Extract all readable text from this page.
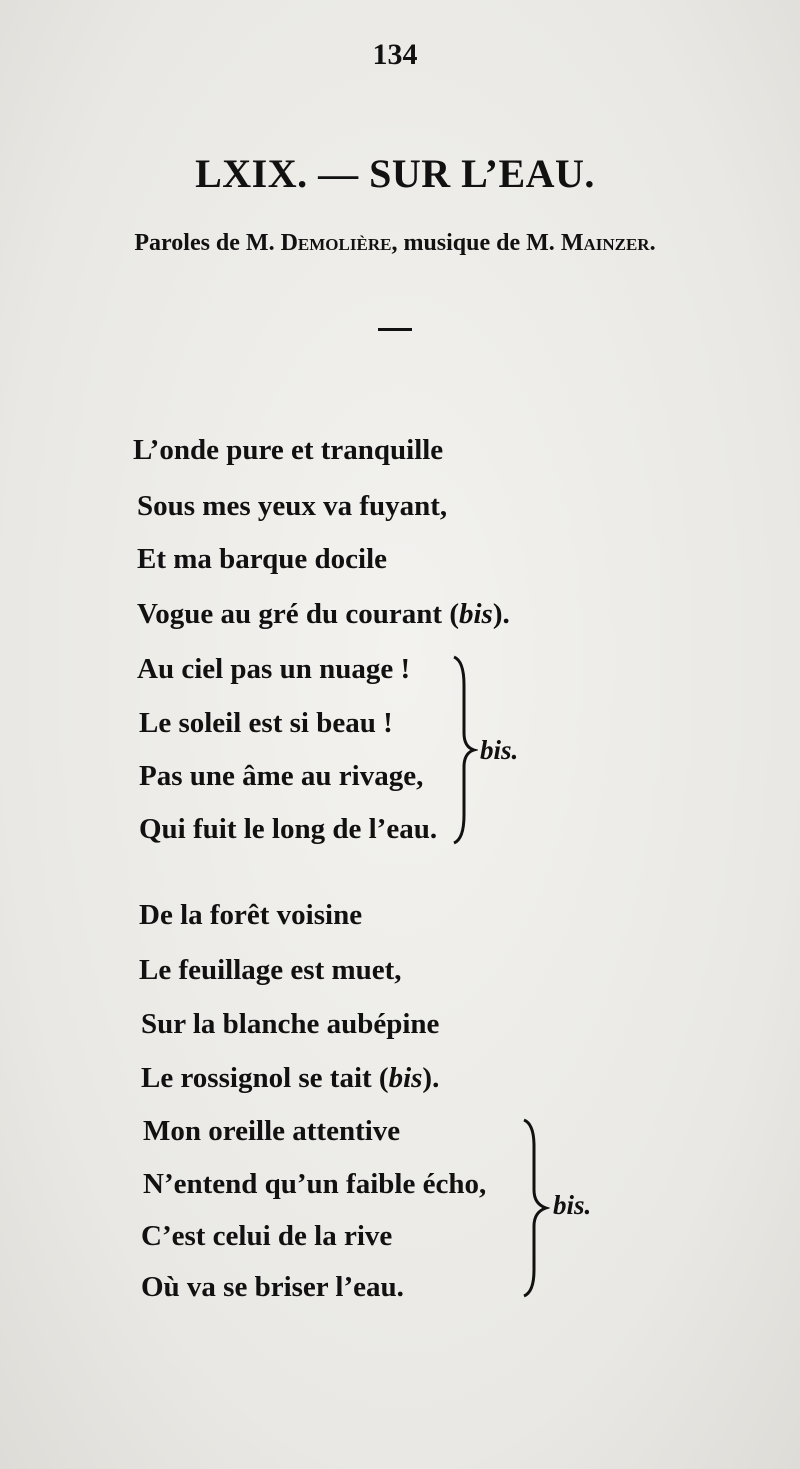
134
LXIX. — SUR L’EAU.
Paroles de M. Demolière, musique de M. Mainzer.
L’onde pure et tranquille
Sous mes yeux va fuyant,
Et ma barque docile
Vogue au gré du courant (bis).
Au ciel pas un nuage !
Le soleil est si beau !
Pas une âme au rivage,
Qui fuit le long de l’eau.
bis.
De la forêt voisine
Le feuillage est muet,
Sur la blanche aubépine
Le rossignol se tait (bis).
Mon oreille attentive
N’entend qu’un faible écho,
C’est celui de la rive
Où va se briser l’eau.
bis.
